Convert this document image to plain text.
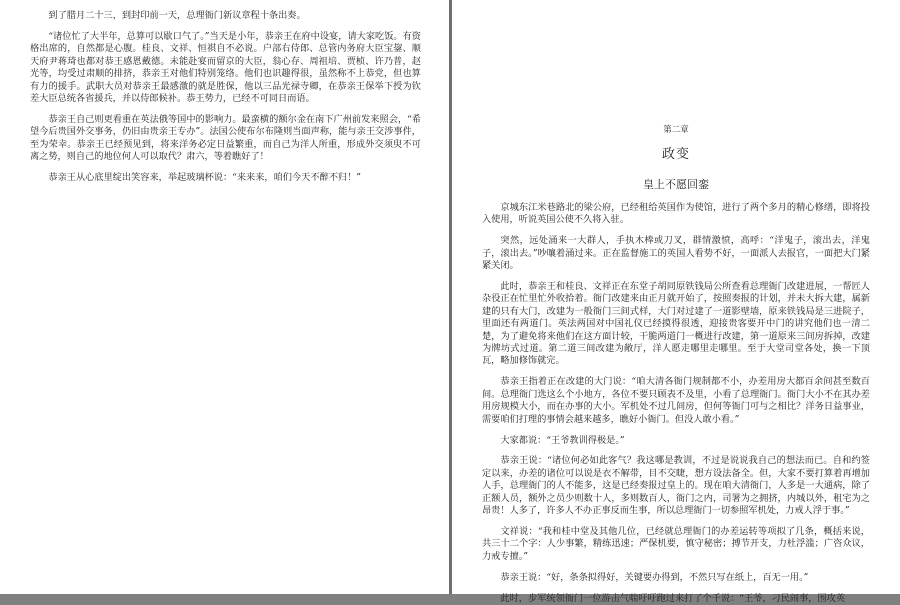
到了腊月二十三，到封印前一天，总理衙门新议章程十条出奏。

“诸位忙了大半年，总算可以歇口气了。”当天是小年，恭亲王在府中设宴，请大家吃饭。有资格出席的，自然都是心腹。桂良、文祥、恒祺自不必说。户部右侍郎、总管内务府大臣宝鋆、顺天府尹蒋琦也都对恭王感恩戴德。未能赴宴而留京的大臣，翁心存、周祖培、贾桢、许乃普，赵光等，均受过肃顺的排挤，恭亲王对他们特别笼络。他们也识趣得很，虽然称不上恭党，但也算有力的援手。武职大员对恭亲王最感激的就是胜保，他以三品光禄寺卿，在恭亲王保举下授为钦差大臣总统各省援兵，并以侍郎候补。恭王势力，已经不可同日而语。

恭亲王自己则更看重在英法俄等国中的影响力。最蛮横的额尔金在南下广州前发来照会，“希望今后贵国外交事务，仍旧由贵亲王专办”。法国公使布尔布隆则当面声称，能与亲王交涉事件，至为荣幸。恭亲王已经预见到，将来洋务必定日益繁重，而自己为洋人所重，形成外交须臾不可离之势，则自己的地位何人可以取代？肃六，等着瞧好了！

恭亲王从心底里绽出笑容来，举起玻璃杯说：“来来来，咱们今天不醉不归！”

第二章
政变
皇上不愿回銮

京城东江米巷路北的梁公府，已经租给英国作为使馆，进行了两个多月的精心修缮，即将投入使用，听说英国公使不久将入驻。

突然，远处涌来一大群人，手执木棒或刀叉，群情激愤，高呼：“洋鬼子，滚出去，洋鬼子，滚出去。”吵嚷着涌过来。正在监督施工的英国人看势不好，一面派人去报官，一面把大门紧紧关闭。

此时，恭亲王和桂良、文祥正在东堂子胡同原铁钱局公所查看总理衙门改建进展，一帮匠人杂役正在忙里忙外收拾着。衙门改建来由正月就开始了，按照奏报的计划，并未大拆大建，属新建的只有大门，改建为一般衙门三间式样，大门对过建了一道影壁墙，原来铁钱局是三进院子，里面还有两道门。英法两国对中国礼仪已经摸得很透，迎接贵客要开中门的讲究他们也一清二楚，为了避免将来他们在这方面计较，干脆两道门一概进行改建，第一道原来三间房拆掉，改建为牌坊式过道。第二道三间改建为敞厅，洋人愿走哪里走哪里。至于大堂司堂各处，换一下顶瓦，略加修饰就完。

恭亲王指着正在改建的大门说：“咱大清各衙门规制都不小，办差用房大都百余间甚至数百间。总理衙门选这么个小地方，各位不要只顾表不及里，小看了总理衙门。衙门大小不在其办差用房规模大小，而在办事的大小。军机处不过几间房，但何等衙门可与之相比？洋务日益事业，需要咱们打理的事情会越来越多，瞧好小衙门。但没人敢小看。”

大家都说：“王爷教训得极是。”

恭亲王说：“诸位何必如此客气？我这哪是教训，不过是说说我自己的想法而已。自和约签定以来，办差的诸位可以说是衣不解带，目不交睫，想方设法备全。但，大家不要打算着再增加人手，总理衙门的人不能多，这是已经奏报过皇上的。现在咱大清衙门，人多是一大通病，除了正额人员，额外之员少则数十人，多则数百人，衙门之内，司署为之拥挤，内城以外，租宅为之昂贵！人多了，许多人不办正事反而生事，所以总理衙门一切参照军机处，力戒人浮于事。”

文祥说：“我和桂中堂及其他几位，已经就总理衙门的办差运转等项拟了几条，概括来说，共三十二个字：人少事繁，精练迅速；严保机要，慎守秘密；搏节开支，力杜浮滥；广咨众议，力戒专擅。”

恭亲王说：“好，条条拟得好，关键要办得到，不然只写在纸上，百无一用。”

此时，步军统领衙门一位游击气喘吁吁跑过来打了个千说：“王爷，刁民闹事，围攻英
